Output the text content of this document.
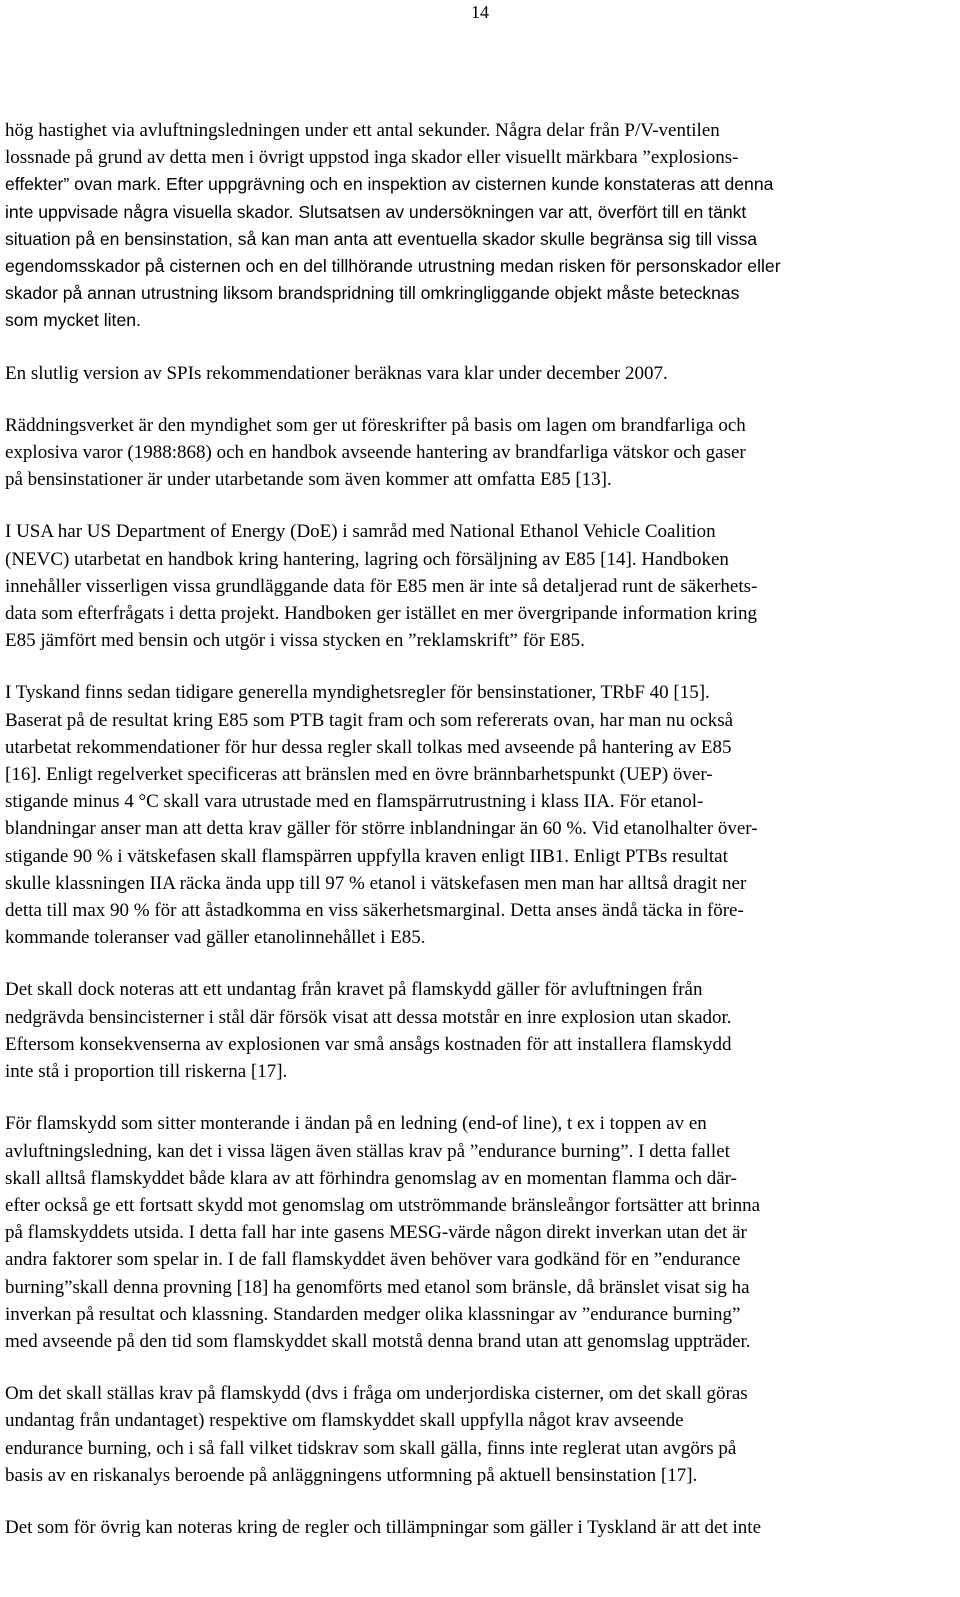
14

hög hastighet via avluftningsledningen under ett antal sekunder. Några delar från P/V-ventilen
lossnade på grund av detta men i övrigt uppstod inga skador eller visuellt märkbara ”explosions-
effekter” ovan mark. Efter uppgrävning och en inspektion av cisternen kunde konstateras att denna
inte uppvisade några visuella skador. Slutsatsen av undersökningen var att, överfört till en tänkt
situation på en bensinstation, så kan man anta att eventuella skador skulle begränsa sig till vissa
egendomsskador på cisternen och en del tillhörande utrustning medan risken för personskador eller
skador på annan utrustning liksom brandspridning till omkringliggande objekt måste betecknas
som mycket liten.

En slutlig version av SPIs rekommendationer beräknas vara klar under december 2007.

Räddningsverket är den myndighet som ger ut föreskrifter på basis om lagen om brandfarliga och
explosiva varor (1988:868) och en handbok avseende hantering av brandfarliga vätskor och gaser
på bensinstationer är under utarbetande som även kommer att omfatta E85 [13].

I USA har US Department of Energy (DoE) i samråd med National Ethanol Vehicle Coalition
(NEVC) utarbetat en handbok kring hantering, lagring och försäljning av E85 [14]. Handboken
innehåller visserligen vissa grundläggande data för E85 men är inte så detaljerad runt de säkerhets-
data som efterfrågats i detta projekt. Handboken ger istället en mer övergripande information kring
E85 jämfört med bensin och utgör i vissa stycken en ”reklamskrift” för E85.

I Tyskand finns sedan tidigare generella myndighetsregler för bensinstationer, TRbF 40 [15].
Baserat på de resultat kring E85 som PTB tagit fram och som refererats ovan, har man nu också
utarbetat rekommendationer för hur dessa regler skall tolkas med avseende på hantering av E85
[16]. Enligt regelverket specificeras att bränslen med en övre brännbarhetspunkt (UEP) över-
stigande minus 4 °C skall vara utrustade med en flamspärrutrustning i klass IIA. För etanol-
blandningar anser man att detta krav gäller för större inblandningar än 60 %. Vid etanolhalter över-
stigande 90 % i vätskefasen skall flamspärren uppfylla kraven enligt IIB1. Enligt PTBs resultat
skulle klassningen IIA räcka ända upp till 97 % etanol i vätskefasen men man har alltså dragit ner
detta till max 90 % för att åstadkomma en viss säkerhetsmarginal. Detta anses ändå täcka in före-
kommande toleranser vad gäller etanolinnehållet i E85.

Det skall dock noteras att ett undantag från kravet på flamskydd gäller för avluftningen från
nedgrävda bensincisterner i stål där försök visat att dessa motstår en inre explosion utan skador.
Eftersom konsekvenserna av explosionen var små ansågs kostnaden för att installera flamskydd
inte stå i proportion till riskerna [17].

För flamskydd som sitter monterande i ändan på en ledning (end-of line), t ex i toppen av en
avluftningsledning, kan det i vissa lägen även ställas krav på ”endurance burning”. I detta fallet
skall alltså flamskyddet både klara av att förhindra genomslag av en momentan flamma och där-
efter också ge ett fortsatt skydd mot genomslag om utströmmande bränsleångor fortsätter att brinna
på flamskyddets utsida. I detta fall har inte gasens MESG-värde någon direkt inverkan utan det är
andra faktorer som spelar in. I de fall flamskyddet även behöver vara godkänd för en ”endurance
burning”skall denna provning [18] ha genomförts med etanol som bränsle, då bränslet visat sig ha
inverkan på resultat och klassning. Standarden medger olika klassningar av ”endurance burning”
med avseende på den tid som flamskyddet skall motstå denna brand utan att genomslag uppträder.

Om det skall ställas krav på flamskydd (dvs i fråga om underjordiska cisterner, om det skall göras
undantag från undantaget) respektive om flamskyddet skall uppfylla något krav avseende
endurance burning, och i så fall vilket tidskrav som skall gälla, finns inte reglerat utan avgörs på
basis av en riskanalys beroende på anläggningens utformning på aktuell bensinstation [17].

Det som för övrig kan noteras kring de regler och tillämpningar som gäller i Tyskland är att det inte
